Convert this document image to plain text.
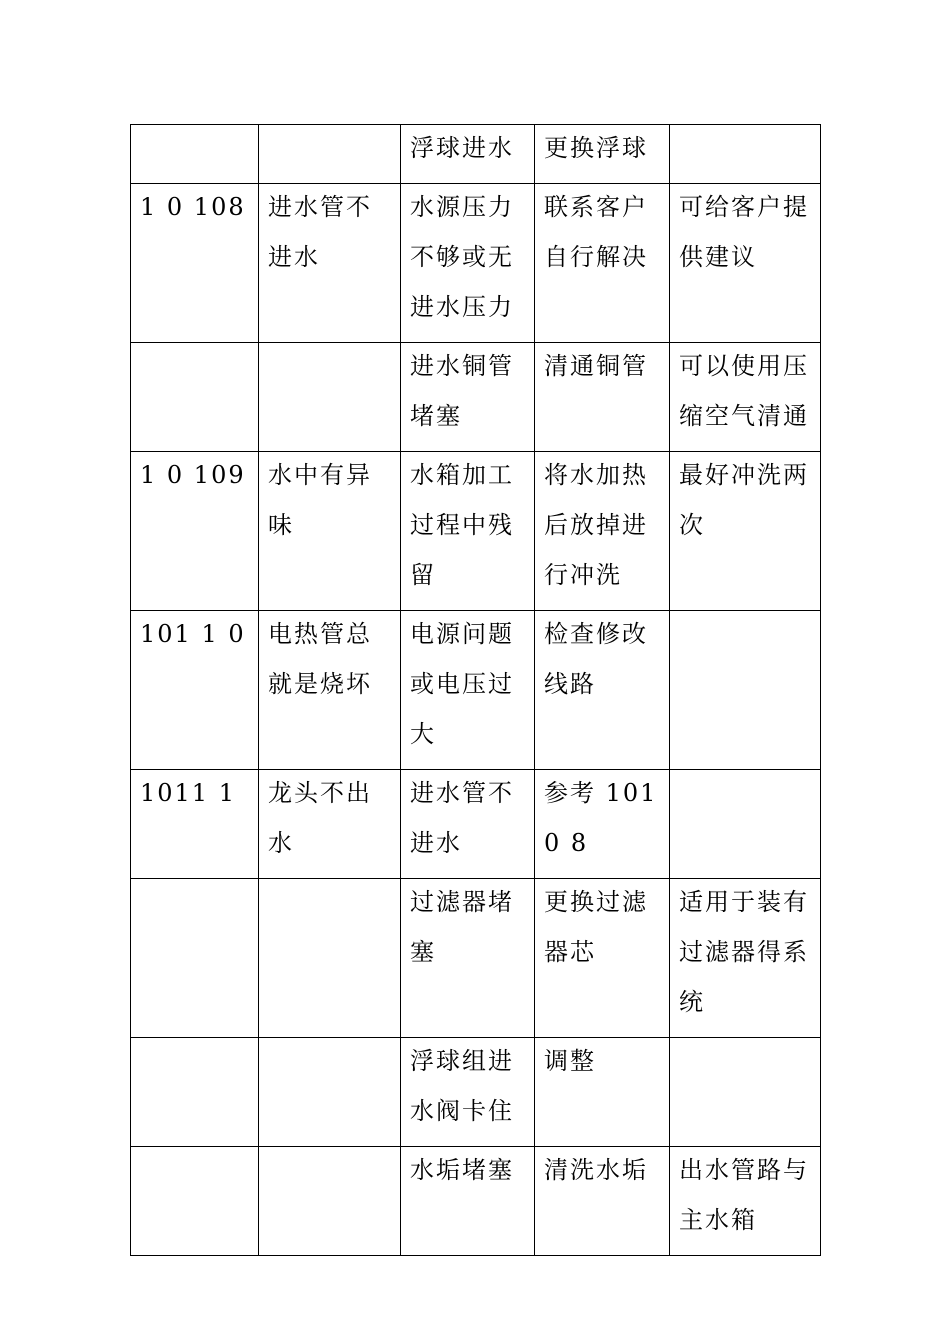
		浮球进水	更换浮球	

1 0 108	进水管不进水	水源压力不够或无进水压力	联系客户自行解决	可给客户提供建议

		进水铜管堵塞	清通铜管	可以使用压缩空气清通

1 0 109	水中有异味	水箱加工过程中残留	将水加热后放掉进行冲洗	最好冲洗两次

101 1 0	电热管总就是烧坏	电源问题或电压过大	检查修改线路	

1011 1	龙头不出水	进水管不进水	参考 1010 8	

		过滤器堵塞	更换过滤器芯	适用于装有过滤器得系统

		浮球组进水阀卡住	调整	

		水垢堵塞	清洗水垢	出水管路与主水箱
